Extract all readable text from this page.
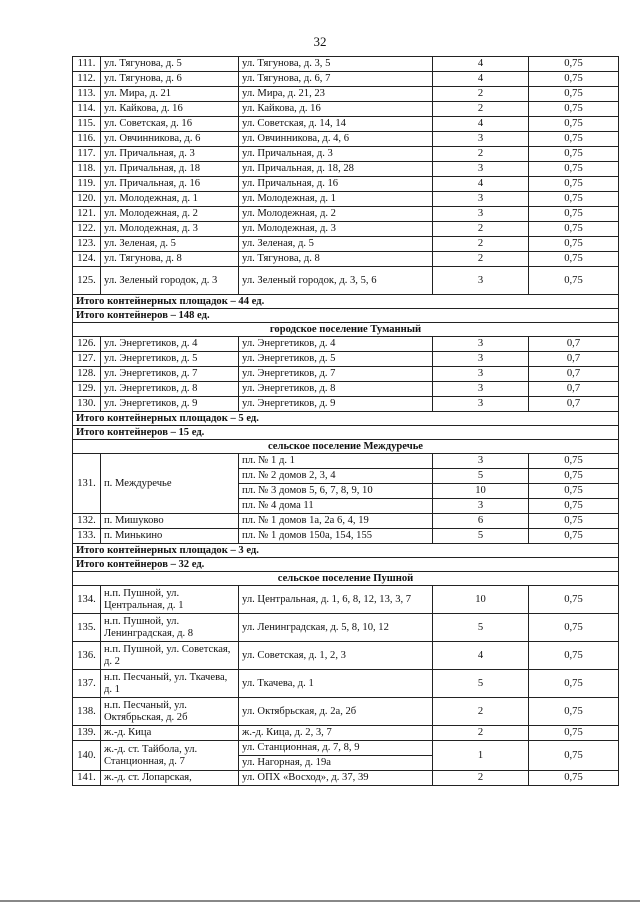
32
111.	ул. Тягунова, д. 5	ул. Тягунова, д. 3, 5	4	0,75
112.	ул. Тягунова, д. 6	ул. Тягунова, д. 6, 7	4	0,75
113.	ул. Мира, д. 21	ул. Мира, д. 21, 23	2	0,75
114.	ул. Кайкова, д. 16	ул. Кайкова, д. 16	2	0,75
115.	ул. Советская, д. 16	ул. Советская, д. 14, 14	4	0,75
116.	ул. Овчинникова, д. 6	ул. Овчинникова, д. 4, 6	3	0,75
117.	ул. Причальная, д. 3	ул. Причальная, д. 3	2	0,75
118.	ул. Причальная, д. 18	ул. Причальная, д. 18, 28	3	0,75
119.	ул. Причальная, д. 16	ул. Причальная, д. 16	4	0,75
120.	ул. Молодежная, д. 1	ул. Молодежная, д. 1	3	0,75
121.	ул. Молодежная, д. 2	ул. Молодежная, д. 2	3	0,75
122.	ул. Молодежная, д. 3	ул. Молодежная, д. 3	2	0,75
123.	ул. Зеленая, д. 5	ул. Зеленая, д. 5	2	0,75
124.	ул. Тягунова, д. 8	ул. Тягунова, д. 8	2	0,75
125.	ул. Зеленый городок, д. 3	ул. Зеленый городок, д. 3, 5, 6	3	0,75
Итого контейнерных площадок – 44 ед.				
Итого контейнеров – 148 ед.				
городское поселение Туманный				
126.	ул. Энергетиков, д. 4	ул. Энергетиков, д. 4	3	0,7
127.	ул. Энергетиков, д. 5	ул. Энергетиков, д. 5	3	0,7
128.	ул. Энергетиков, д. 7	ул. Энергетиков, д. 7	3	0,7
129.	ул. Энергетиков, д. 8	ул. Энергетиков, д. 8	3	0,7
130.	ул. Энергетиков, д. 9	ул. Энергетиков, д. 9	3	0,7
Итого контейнерных площадок – 5 ед.				
Итого контейнеров – 15 ед.				
сельское поселение Междуречье				
131.	п. Междуречье	пл. № 1 д. 1	3	0,75
		пл. № 2 домов 2, 3, 4	5	0,75
		пл. № 3 домов 5, 6, 7, 8, 9, 10	10	0,75
		пл. № 4 дома 11	3	0,75
132.	п. Мишуково	пл. № 1 домов 1а, 2а 6, 4, 19	6	0,75
133.	п. Минькино	пл. № 1 домов 150а, 154, 155	5	0,75
Итого контейнерных площадок – 3 ед.				
Итого контейнеров – 32 ед.				
сельское поселение Пушной				
134.	н.п. Пушной, ул. Центральная, д. 1	ул. Центральная, д. 1, 6, 8, 12, 13, 3, 7	10	0,75
135.	н.п. Пушной, ул. Ленинградская, д. 8	ул. Ленинградская, д. 5, 8, 10, 12	5	0,75
136.	н.п. Пушной, ул. Советская, д. 2	ул. Советская, д. 1, 2, 3	4	0,75
137.	н.п. Песчаный, ул. Ткачева, д. 1	ул. Ткачева, д. 1	5	0,75
138.	н.п. Песчаный, ул. Октябрьская, д. 2б	ул. Октябрьская, д. 2а, 2б	2	0,75
139.	ж.-д. Кица	ж.-д. Кица, д. 2, 3, 7	2	0,75
140.	ж.-д. ст. Тайбола, ул. Станционная, д. 7	ул. Станционная, д. 7, 8, 9	1	0,75
		ул. Нагорная, д. 19а		
141.	ж.-д. ст. Лопарская,	ул. ОПХ «Восход», д. 37, 39	2	0,75
